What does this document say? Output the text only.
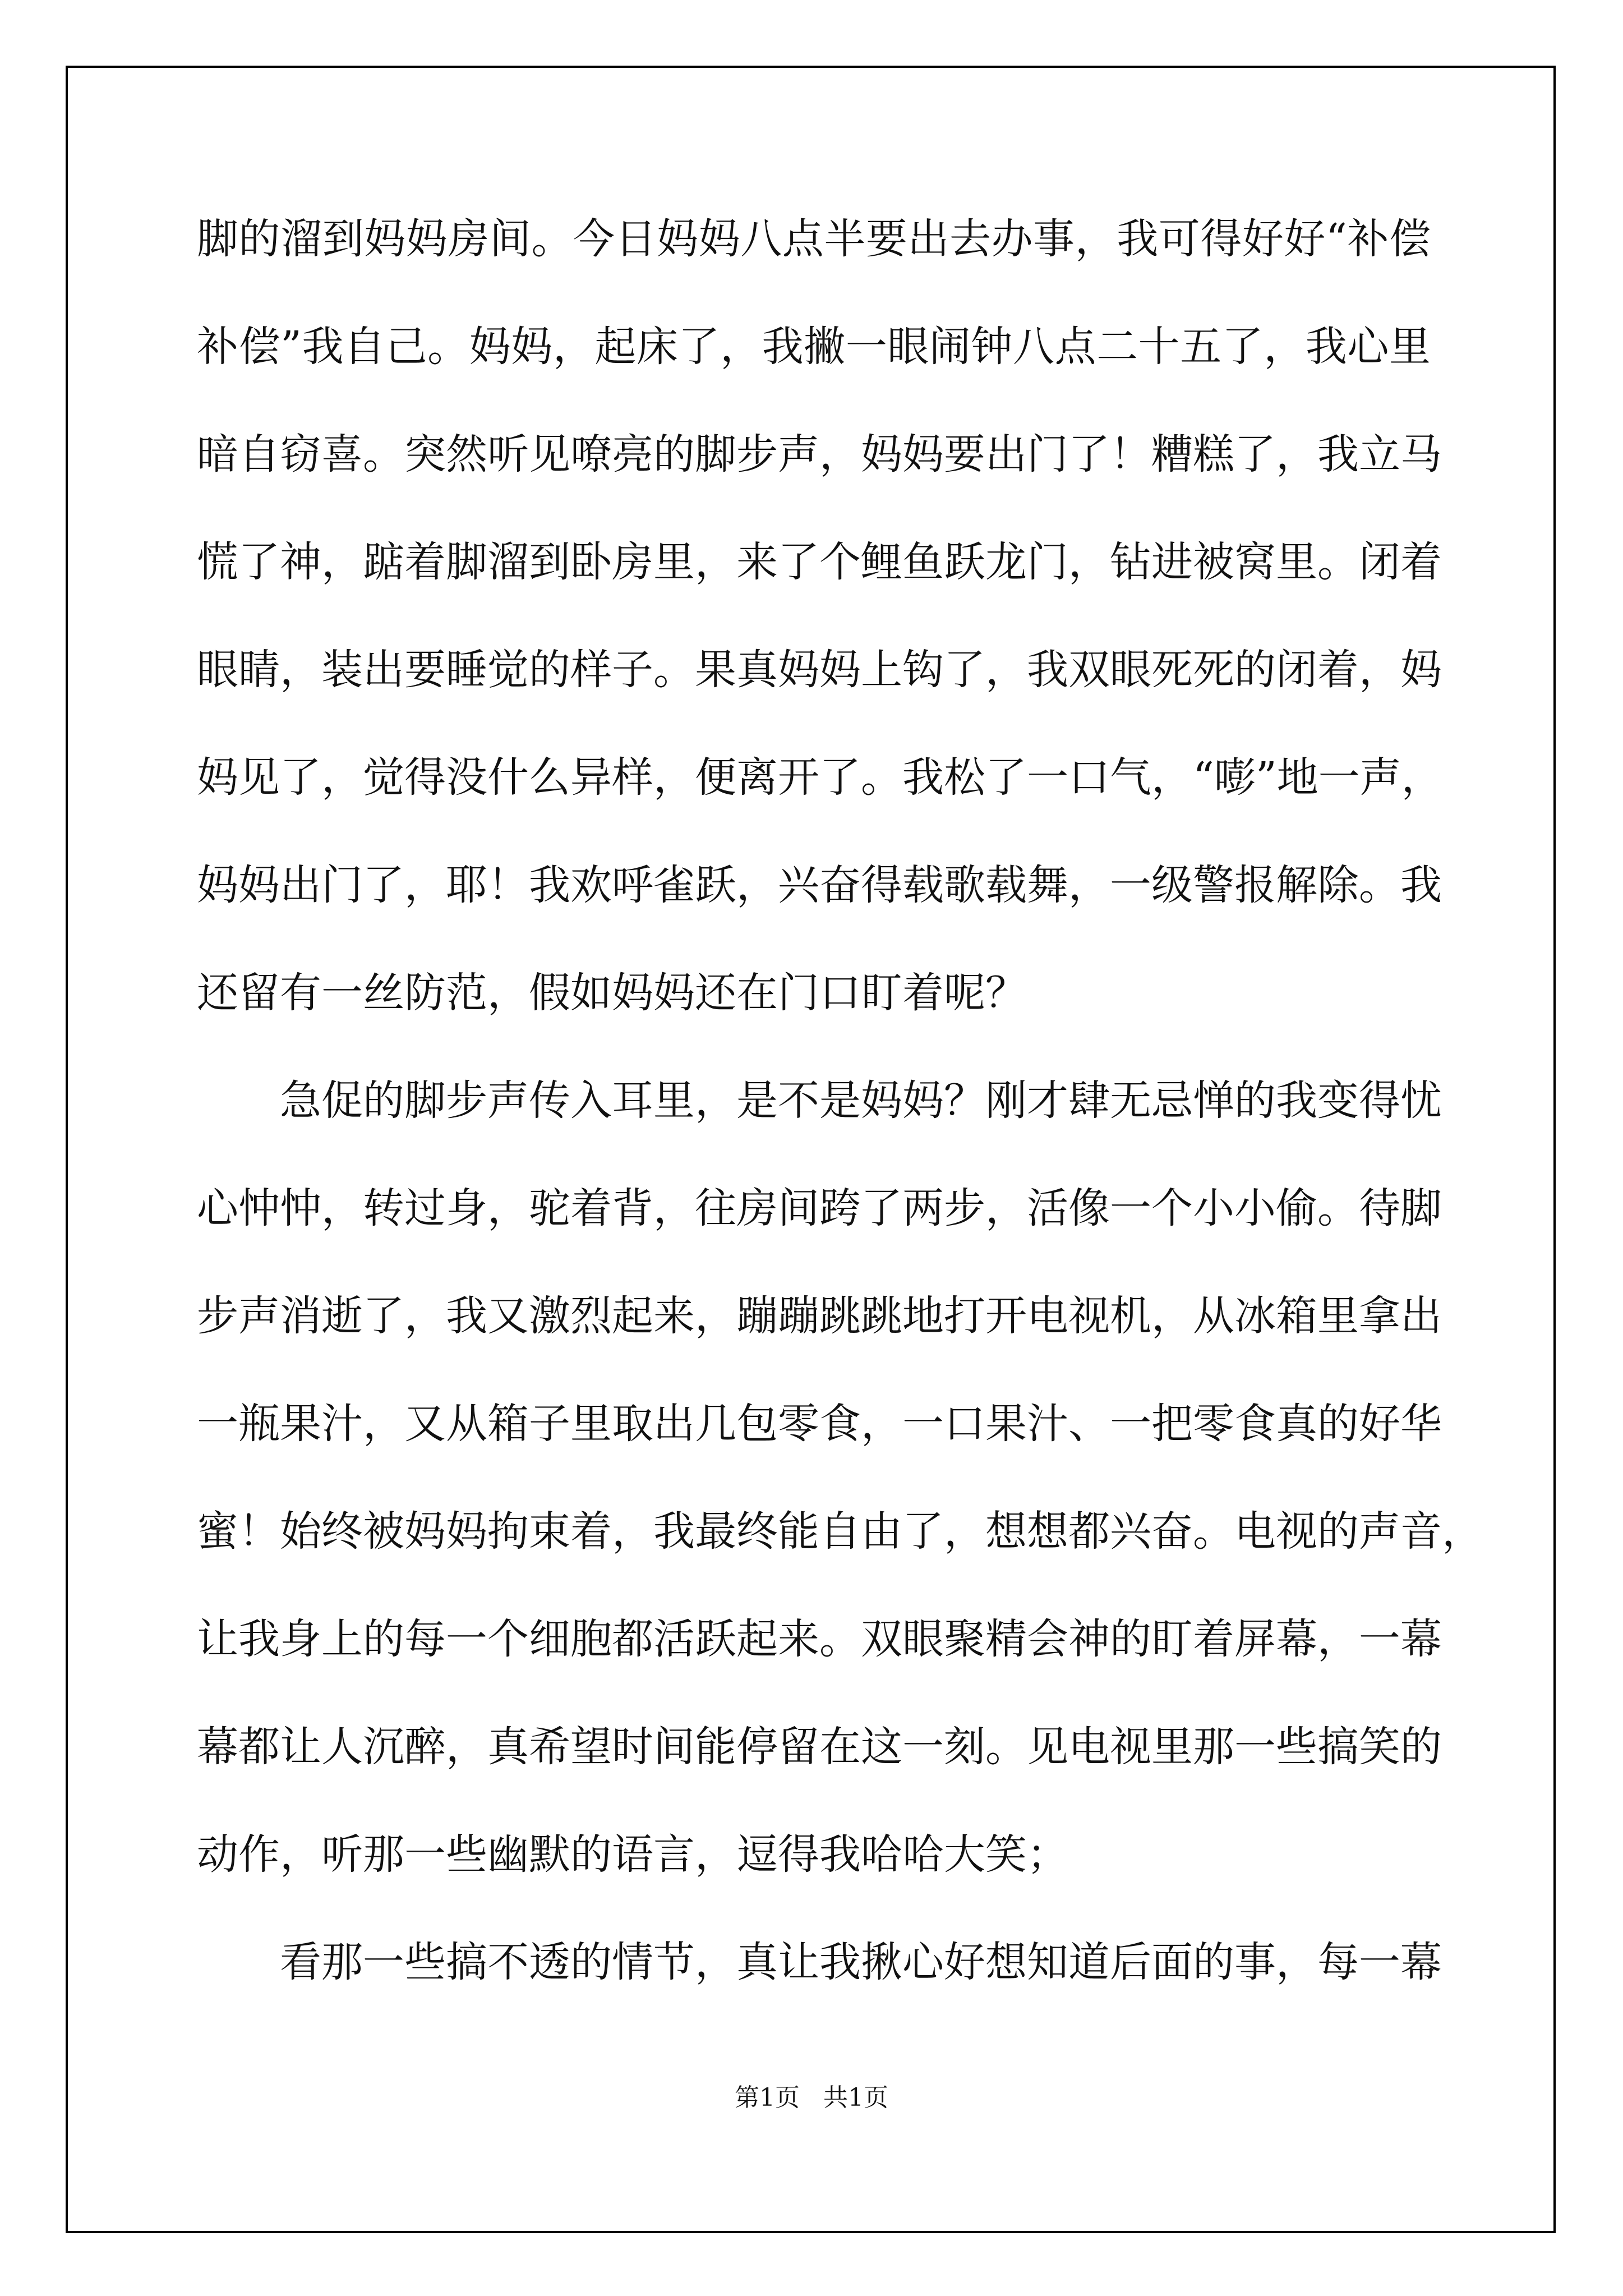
脚的溜到妈妈房间。今日妈妈八点半要出去办事，我可得好好“补偿
补偿”我自己。妈妈，起床了，我撇一眼闹钟八点二十五了，我心里
暗自窃喜。突然听见嘹亮的脚步声，妈妈要出门了！糟糕了，我立马
慌了神，踮着脚溜到卧房里，来了个鲤鱼跃龙门，钻进被窝里。闭着
眼睛，装出要睡觉的样子。果真妈妈上钩了，我双眼死死的闭着，妈
妈见了，觉得没什么异样，便离开了。我松了一口气，“嘭”地一声，
妈妈出门了，耶！我欢呼雀跃，兴奋得载歌载舞，一级警报解除。我
还留有一丝防范，假如妈妈还在门口盯着呢？
急促的脚步声传入耳里，是不是妈妈？刚才肆无忌惮的我变得忧
心忡忡，转过身，驼着背，往房间跨了两步，活像一个小小偷。待脚
步声消逝了，我又激烈起来，蹦蹦跳跳地打开电视机，从冰箱里拿出
一瓶果汁，又从箱子里取出几包零食，一口果汁、一把零食真的好华
蜜！始终被妈妈拘束着，我最终能自由了，想想都兴奋。电视的声音，
让我身上的每一个细胞都活跃起来。双眼聚精会神的盯着屏幕，一幕
幕都让人沉醉，真希望时间能停留在这一刻。见电视里那一些搞笑的
动作，听那一些幽默的语言，逗得我哈哈大笑；
看那一些搞不透的情节，真让我揪心好想知道后面的事，每一幕
第1页   共1页
